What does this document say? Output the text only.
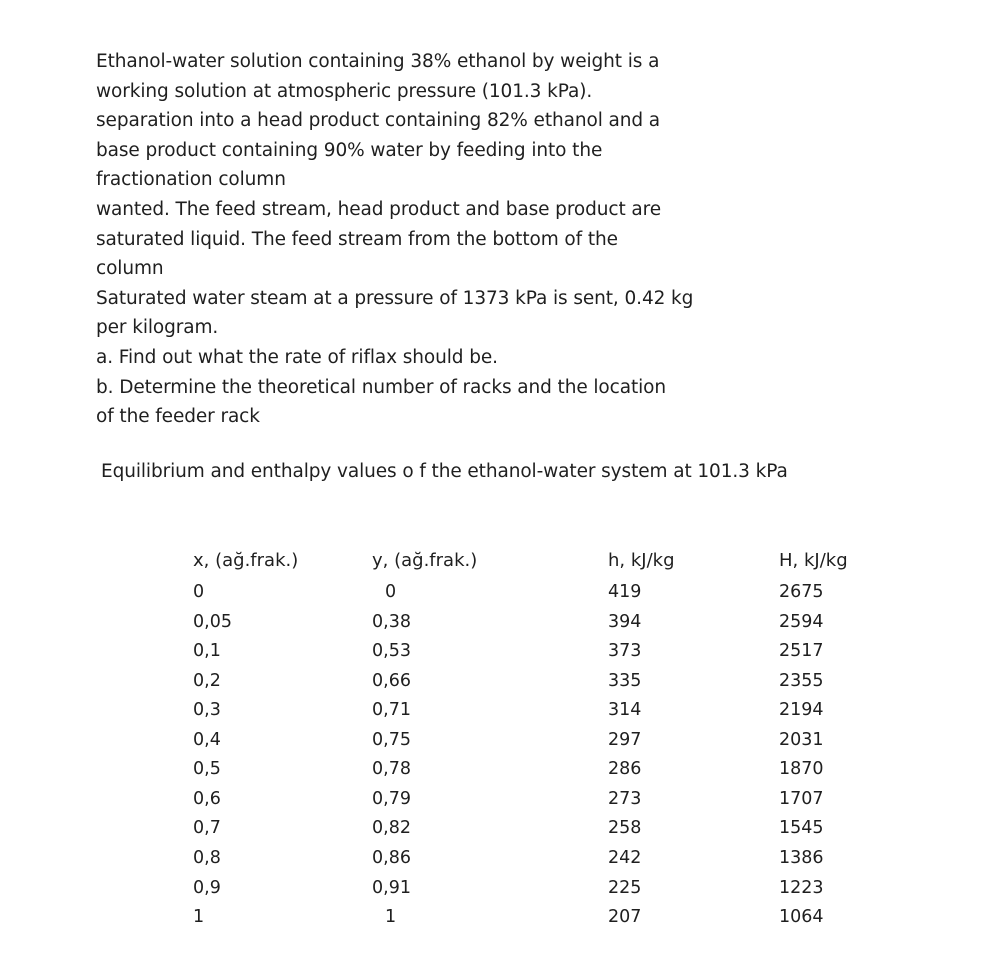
Ethanol-water solution containing 38% ethanol by weight is a
working solution at atmospheric pressure (101.3 kPa).
separation into a head product containing 82% ethanol and a
base product containing 90% water by feeding into the
fractionation column
wanted. The feed stream, head product and base product are
saturated liquid. The feed stream from the bottom of the
column
Saturated water steam at a pressure of 1373 kPa is sent, 0.42 kg
per kilogram.
a. Find out what the rate of riflax should be.
b. Determine the theoretical number of racks and the location
of the feeder rack
Equilibrium and enthalpy values o f the ethanol-water system at 101.3 kPa
x, (ağ.frak.)	y, (ağ.frak.)	h, kJ/kg	H, kJ/kg
0	0	419	2675
0,05	0,38	394	2594
0,1	0,53	373	2517
0,2	0,66	335	2355
0,3	0,71	314	2194
0,4	0,75	297	2031
0,5	0,78	286	1870
0,6	0,79	273	1707
0,7	0,82	258	1545
0,8	0,86	242	1386
0,9	0,91	225	1223
1	1	207	1064
